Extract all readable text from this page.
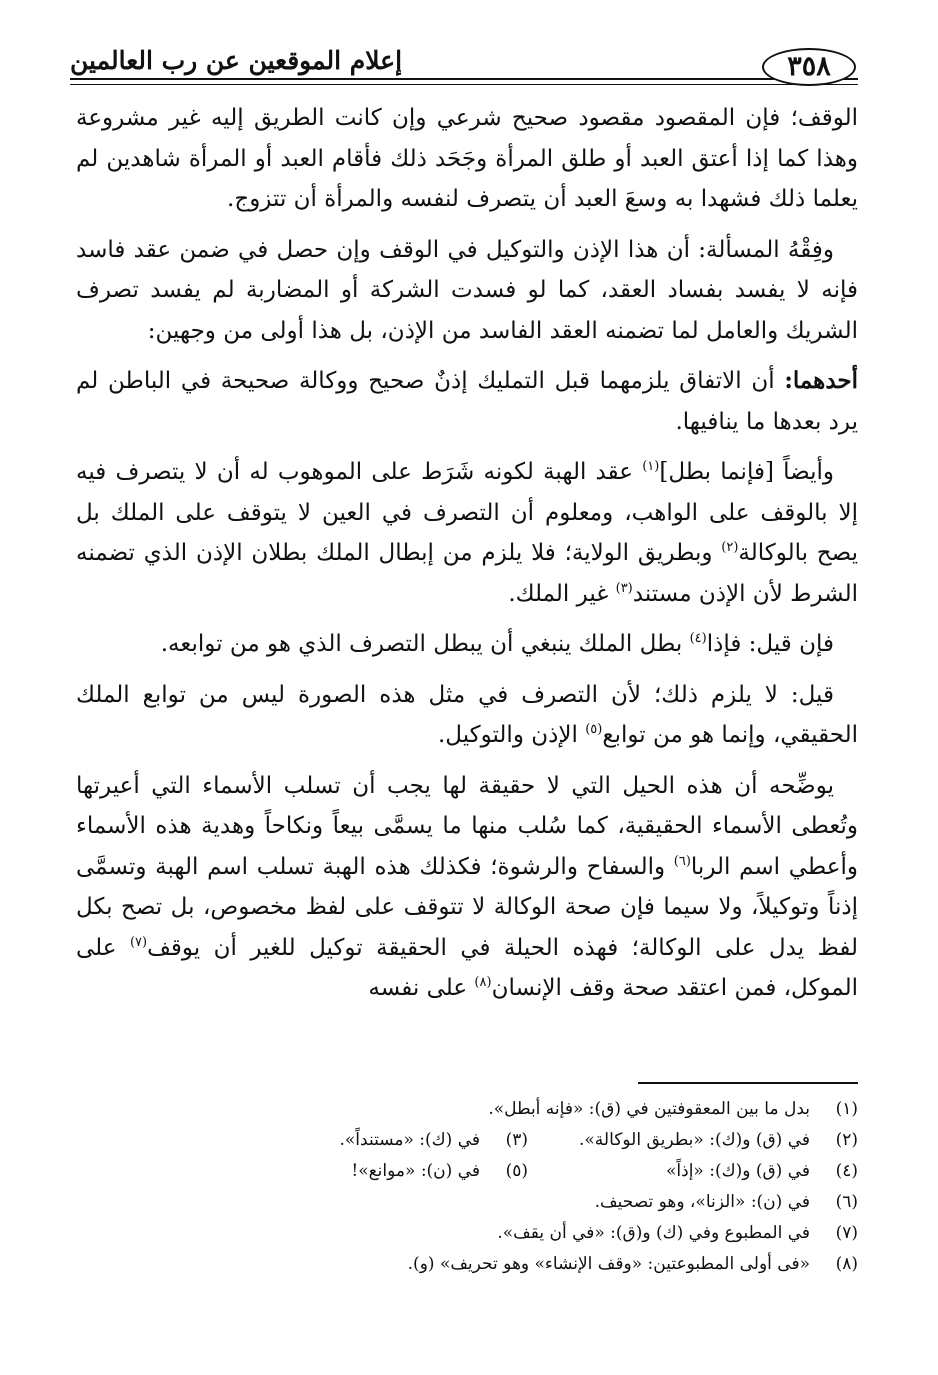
إعلام الموقعين عن رب العالمين	٣٥٨

الوقف؛ فإن المقصود مقصود صحيح شرعي وإن كانت الطريق إليه غير مشروعة وهذا كما إذا أعتق العبد أو طلق المرأة وجَحَد ذلك فأقام العبد أو المرأة شاهدين لم يعلما ذلك فشهدا به وسعَ العبد أن يتصرف لنفسه والمرأة أن تتزوج.

وفِقْهُ المسألة: أن هذا الإذن والتوكيل في الوقف وإن حصل في ضمن عقد فاسد فإنه لا يفسد بفساد العقد، كما لو فسدت الشركة أو المضاربة لم يفسد تصرف الشريك والعامل لما تضمنه العقد الفاسد من الإذن، بل هذا أولى من وجهين:

أحدهما: أن الاتفاق يلزمهما قبل التمليك إذنٌ صحيح ووكالة صحيحة في الباطن لم يرد بعدها ما ينافيها.

وأيضاً [فإنما بطل]$^{(١)}$ عقد الهبة لكونه شَرَط على الموهوب له أن لا يتصرف فيه إلا بالوقف على الواهب، ومعلوم أن التصرف في العين لا يتوقف على الملك بل يصح بالوكالة$^{(٢)}$ وبطريق الولاية؛ فلا يلزم من إبطال الملك بطلان الإذن الذي تضمنه الشرط لأن الإذن مستند$^{(٣)}$ غير الملك.

فإن قيل: فإذا$^{(٤)}$ بطل الملك ينبغي أن يبطل التصرف الذي هو من توابعه.

قيل: لا يلزم ذلك؛ لأن التصرف في مثل هذه الصورة ليس من توابع الملك الحقيقي، وإنما هو من توابع$^{(٥)}$ الإذن والتوكيل.

يوضِّحه أن هذه الحيل التي لا حقيقة لها يجب أن تسلب الأسماء التي أعيرتها وتُعطى الأسماء الحقيقية، كما سُلب منها ما يسمَّى بيعاً ونكاحاً وهدية هذه الأسماء وأعطي اسم الربا$^{(٦)}$ والسفاح والرشوة؛ فكذلك هذه الهبة تسلب اسم الهبة وتسمَّى إذناً وتوكيلاً، ولا سيما فإن صحة الوكالة لا تتوقف على لفظ مخصوص، بل تصح بكل لفظ يدل على الوكالة؛ فهذه الحيلة في الحقيقة توكيل للغير أن يوقف$^{(٧)}$ على الموكل، فمن اعتقد صحة وقف الإنسان$^{(٨)}$ على نفسه

(١)
بدل ما بين المعقوفتين في (ق): «فإنه أبطل».
(٢)
في (ق) و(ك): «بطريق الوكالة».
(٣)
في (ك): «مستنداً».
(٤)
في (ق) و(ك): «إذاً»
(٥)
في (ن): «موانع»!
(٦)
في (ن): «الزنا»، وهو تصحيف.
(٧)
في المطبوع وفي (ك) و(ق): «في أن يقف».
(٨)
«فى أولى المطبوعتين: «وقف الإنشاء» وهو تحريف» (و).
